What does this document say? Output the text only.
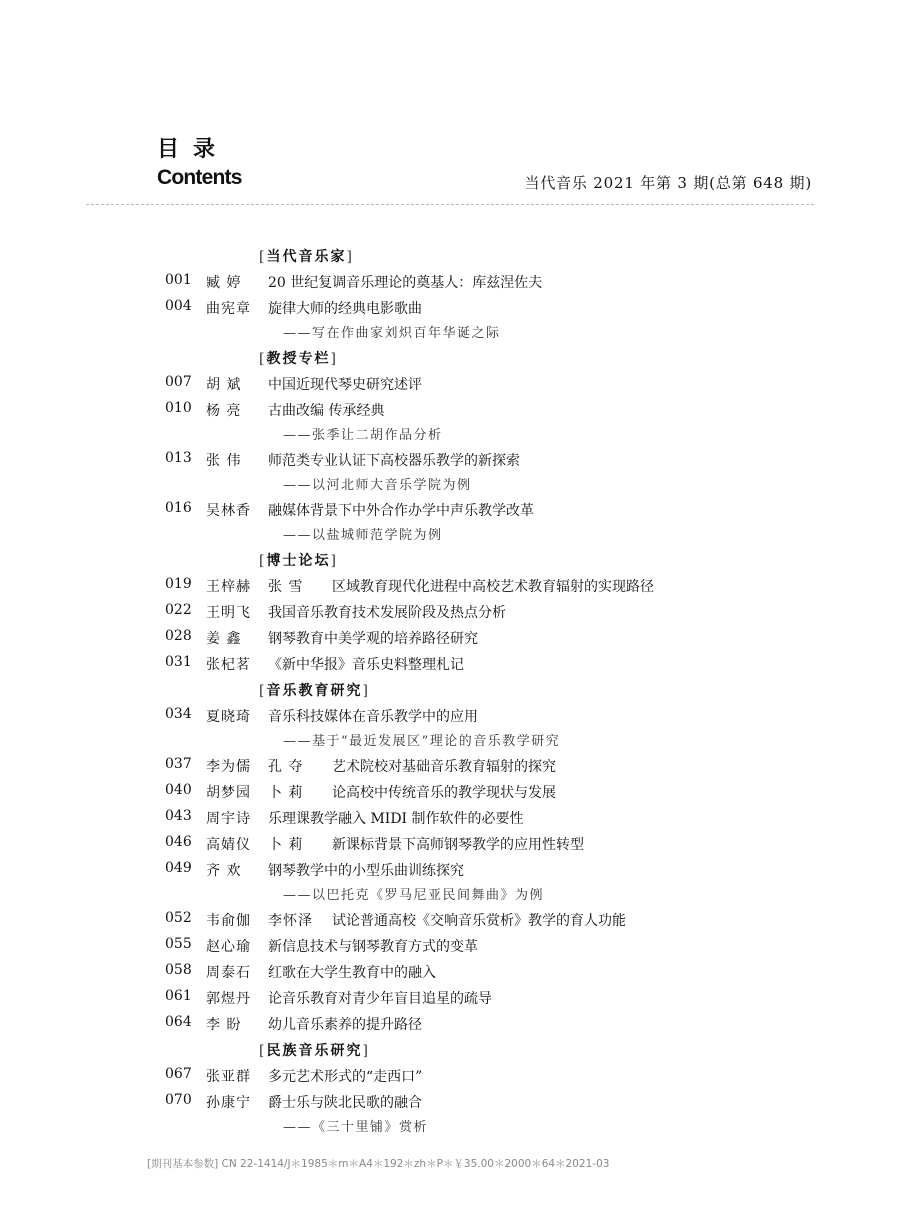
目录
Contents	当代音乐 2021 年第 3 期(总第 648 期)
[当代音乐家]
001 臧 婷 20 世纪复调音乐理论的奠基人：库兹涅佐夫
004 曲宪章 旋律大师的经典电影歌曲
——写在作曲家刘炽百年华诞之际
[教授专栏]
007 胡 斌 中国近现代琴史研究述评
010 杨 亮 古曲改编 传承经典
——张季让二胡作品分析
013 张 伟 师范类专业认证下高校器乐教学的新探索
——以河北师大音乐学院为例
016 吴林香 融媒体背景下中外合作办学中声乐教学改革
——以盐城师范学院为例
[博士论坛]
019 王梓赫 张 雪 区域教育现代化进程中高校艺术教育辐射的实现路径
022 王明飞 我国音乐教育技术发展阶段及热点分析
028 姜 鑫 钢琴教育中美学观的培养路径研究
031 张杞茗 《新中华报》音乐史料整理札记
[音乐教育研究]
034 夏晓琦 音乐科技媒体在音乐教学中的应用
——基于“最近发展区”理论的音乐教学研究
037 李为儒 孔 夺 艺术院校对基础音乐教育辐射的探究
040 胡梦园 卜 莉 论高校中传统音乐的教学现状与发展
043 周宇诗 乐理课教学融入 MIDI 制作软件的必要性
046 高婧仪 卜 莉 新课标背景下高师钢琴教学的应用性转型
049 齐 欢 钢琴教学中的小型乐曲训练探究
——以巴托克《罗马尼亚民间舞曲》为例
052 韦俞伽 李怀泽 试论普通高校《交响音乐赏析》教学的育人功能
055 赵心瑜 新信息技术与钢琴教育方式的变革
058 周泰石 红歌在大学生教育中的融入
061 郭煜丹 论音乐教育对青少年盲目追星的疏导
064 李 盼 幼儿音乐素养的提升路径
[民族音乐研究]
067 张亚群 多元艺术形式的“走西口”
070 孙康宁 爵士乐与陕北民歌的融合
——《三十里铺》赏析
[期刊基本参数] CN 22-1414/J＊1985＊m＊A4＊192＊zh＊P＊￥35.00＊2000＊64＊2021-03
